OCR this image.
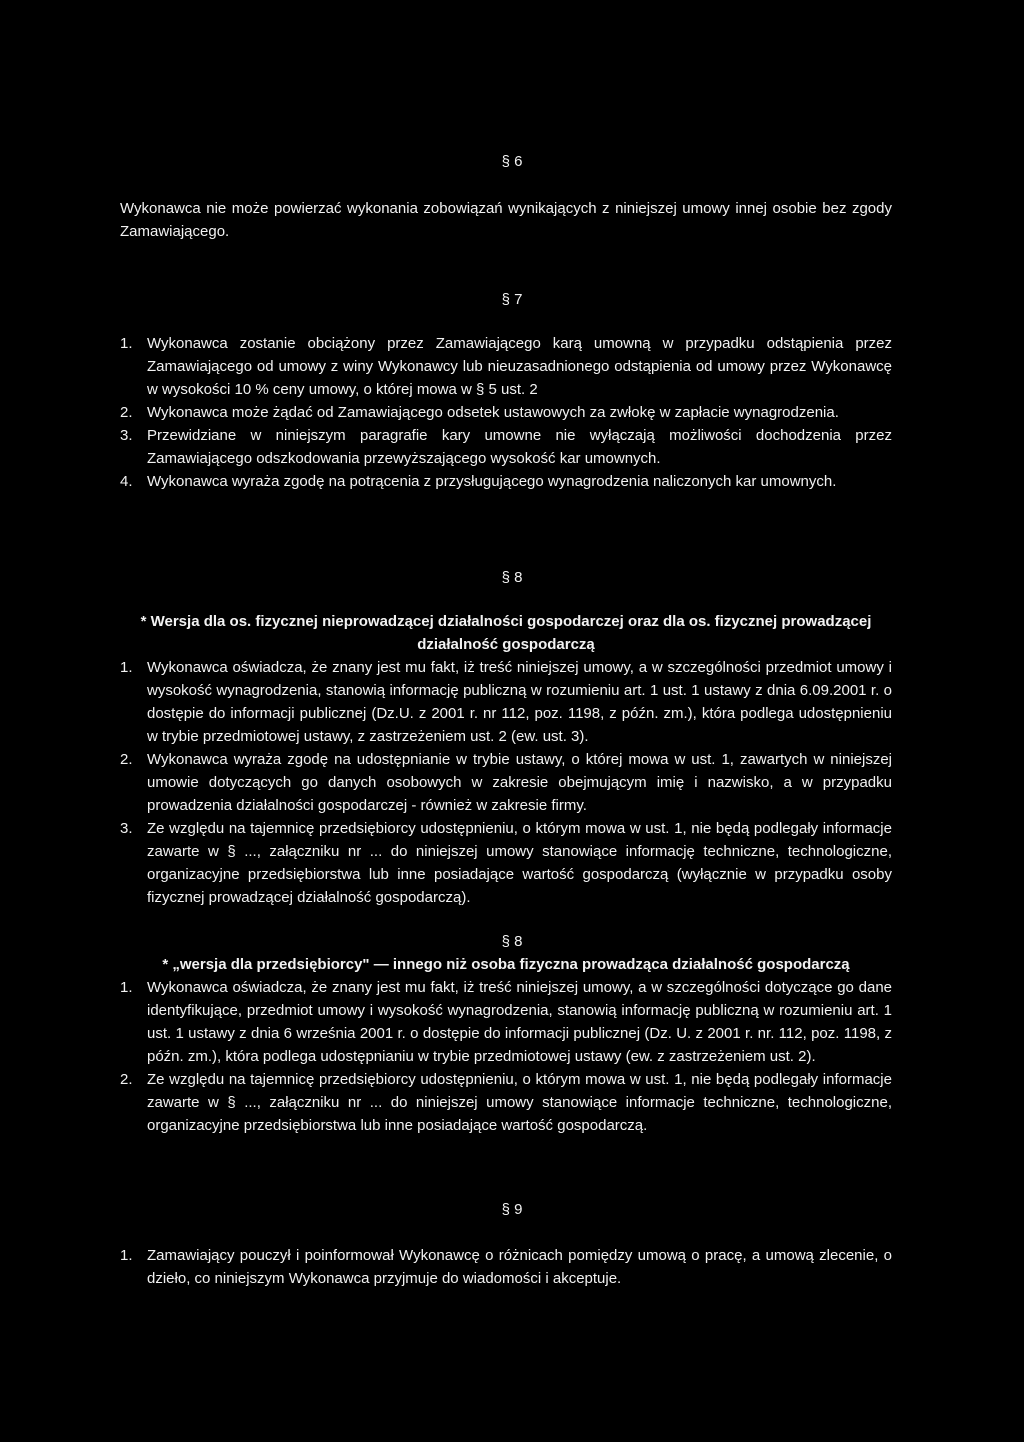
§ 6
Wykonawca nie może powierzać wykonania zobowiązań wynikających z niniejszej umowy innej osobie bez zgody Zamawiającego.
§ 7
1. Wykonawca zostanie obciążony przez Zamawiającego karą umowną w przypadku odstąpienia przez Zamawiającego od umowy z winy Wykonawcy lub nieuzasadnionego odstąpienia od umowy przez Wykonawcę w wysokości 10 % ceny umowy, o której mowa w § 5 ust. 2
2. Wykonawca może żądać od Zamawiającego odsetek ustawowych za zwłokę w zapłacie wynagrodzenia.
3. Przewidziane w niniejszym paragrafie kary umowne nie wyłączają możliwości dochodzenia przez Zamawiającego odszkodowania przewyższającego wysokość kar umownych.
4. Wykonawca wyraża zgodę na potrącenia z przysługującego wynagrodzenia naliczonych kar umownych.
§ 8
* Wersja dla os. fizycznej nieprowadzącej działalności gospodarczej oraz dla os. fizycznej prowadzącej działalność gospodarczą
1. Wykonawca oświadcza, że znany jest mu fakt, iż treść niniejszej umowy, a w szczególności przedmiot umowy i wysokość wynagrodzenia, stanowią informację publiczną w rozumieniu art. 1 ust. 1 ustawy z dnia 6.09.2001 r. o dostępie do informacji publicznej (Dz.U. z 2001 r. nr 112, poz. 1198, z późn. zm.), która podlega udostępnieniu w trybie przedmiotowej ustawy, z zastrzeżeniem ust. 2 (ew. ust. 3).
2. Wykonawca wyraża zgodę na udostępnianie w trybie ustawy, o której mowa w ust. 1, zawartych w niniejszej umowie dotyczących go danych osobowych w zakresie obejmującym imię i nazwisko, a w przypadku prowadzenia działalności gospodarczej - również w zakresie firmy.
3. Ze względu na tajemnicę przedsiębiorcy udostępnieniu, o którym mowa w ust. 1, nie będą podlegały informacje zawarte w § ..., załączniku nr ... do niniejszej umowy stanowiące informację techniczne, technologiczne, organizacyjne przedsiębiorstwa lub inne posiadające wartość gospodarczą (wyłącznie w przypadku osoby fizycznej prowadzącej działalność gospodarczą).
§ 8
* „wersja dla przedsiębiorcy" — innego niż osoba fizyczna prowadząca działalność gospodarczą
1. Wykonawca oświadcza, że znany jest mu fakt, iż treść niniejszej umowy, a w szczególności dotyczące go dane identyfikujące, przedmiot umowy i wysokość wynagrodzenia, stanowią informację publiczną w rozumieniu art. 1 ust. 1 ustawy z dnia 6 września 2001 r. o dostępie do informacji publicznej (Dz. U. z 2001 r. nr. 112, poz. 1198, z późn. zm.), która podlega udostępnianiu w trybie przedmiotowej ustawy (ew. z zastrzeżeniem ust. 2).
2. Ze względu na tajemnicę przedsiębiorcy udostępnieniu, o którym mowa w ust. 1, nie będą podlegały informacje zawarte w § ..., załączniku nr ... do niniejszej umowy stanowiące informacje techniczne, technologiczne, organizacyjne przedsiębiorstwa lub inne posiadające wartość gospodarczą.
§ 9
1. Zamawiający pouczył i poinformował Wykonawcę o różnicach pomiędzy umową o pracę, a umową zlecenie, o dzieło, co niniejszym Wykonawca przyjmuje do wiadomości i akceptuje.
